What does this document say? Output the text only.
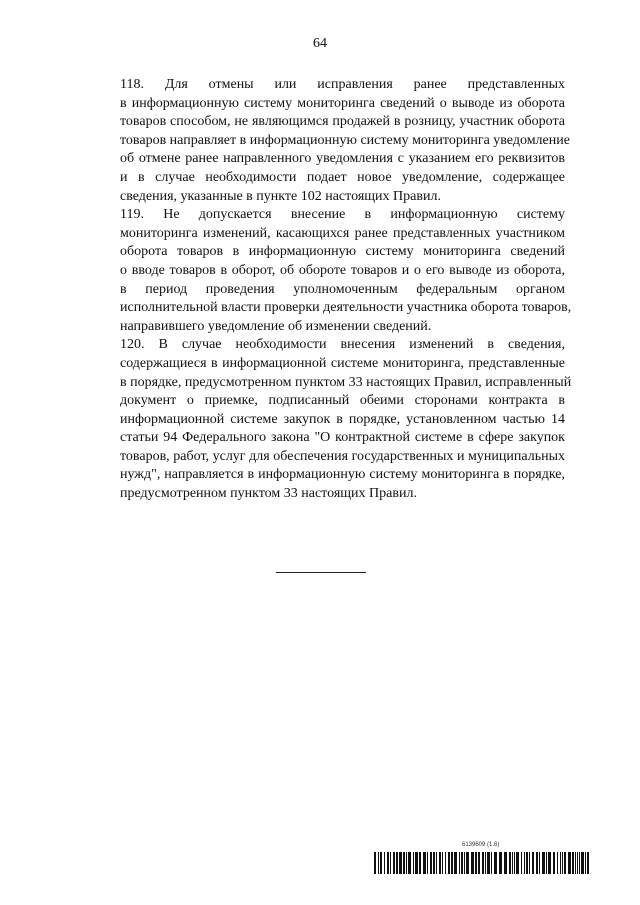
64
118. Для отмены или исправления ранее представленных
в информационную систему мониторинга сведений о выводе из оборота
товаров способом, не являющимся продажей в розницу, участник оборота
товаров направляет в информационную систему мониторинга уведомление
об отмене ранее направленного уведомления с указанием его реквизитов
и в случае необходимости подает новое уведомление, содержащее
сведения, указанные в пункте 102 настоящих Правил.
119. Не допускается внесение в информационную систему
мониторинга изменений, касающихся ранее представленных участником
оборота товаров в информационную систему мониторинга сведений
о вводе товаров в оборот, об обороте товаров и о его выводе из оборота,
в период проведения уполномоченным федеральным органом
исполнительной власти проверки деятельности участника оборота товаров,
направившего уведомление об изменении сведений.
120. В случае необходимости внесения изменений в сведения,
содержащиеся в информационной системе мониторинга, представленные
в порядке, предусмотренном пунктом 33 настоящих Правил, исправленный
документ о приемке, подписанный обеими сторонами контракта в
информационной системе закупок в порядке, установленном частью 14
статьи 94 Федерального закона "О контрактной системе в сфере закупок
товаров, работ, услуг для обеспечения государственных и муниципальных
нужд", направляется в информационную систему мониторинга в порядке,
предусмотренном пунктом 33 настоящих Правил.
6139609 (1.6)
